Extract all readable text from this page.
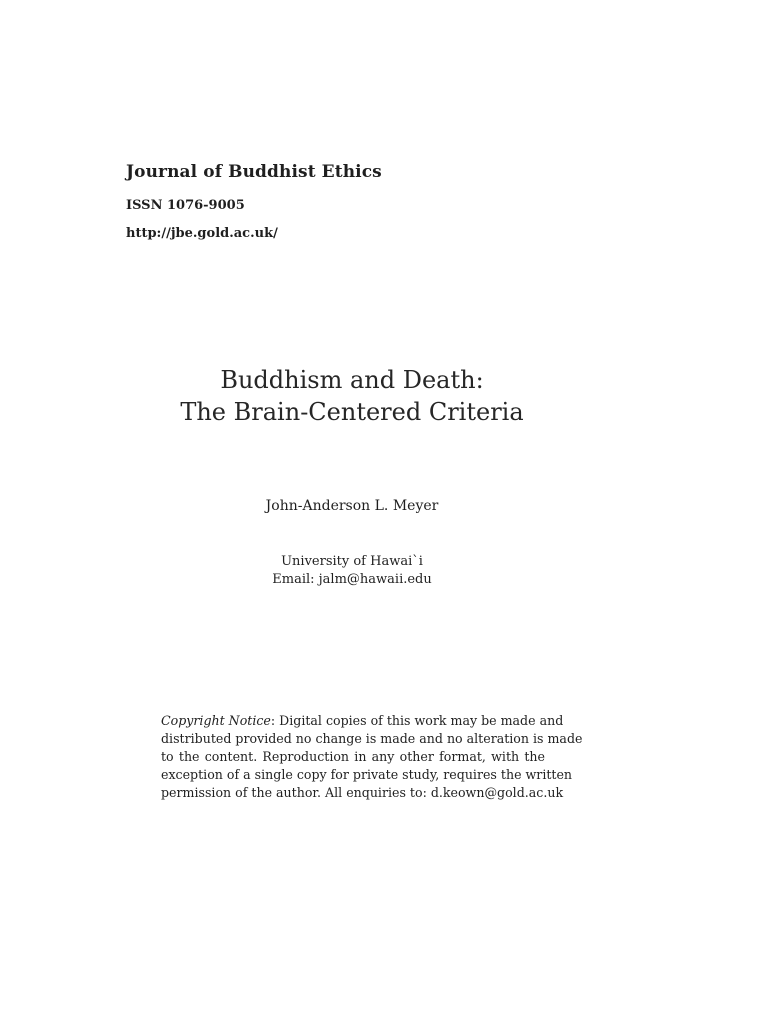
Journal of Buddhist Ethics
ISSN 1076-9005
http://jbe.gold.ac.uk/
Buddhism and Death:
The Brain-Centered Criteria
John-Anderson L. Meyer
University of Hawai`i
Email: jalm@hawaii.edu
Copyright Notice: Digital copies of this work may be made and
distributed provided no change is made and no alteration is made
to the content. Reproduction in any other format, with the
exception of a single copy for private study, requires the written
permission of the author. All enquiries to: d.keown@gold.ac.uk
